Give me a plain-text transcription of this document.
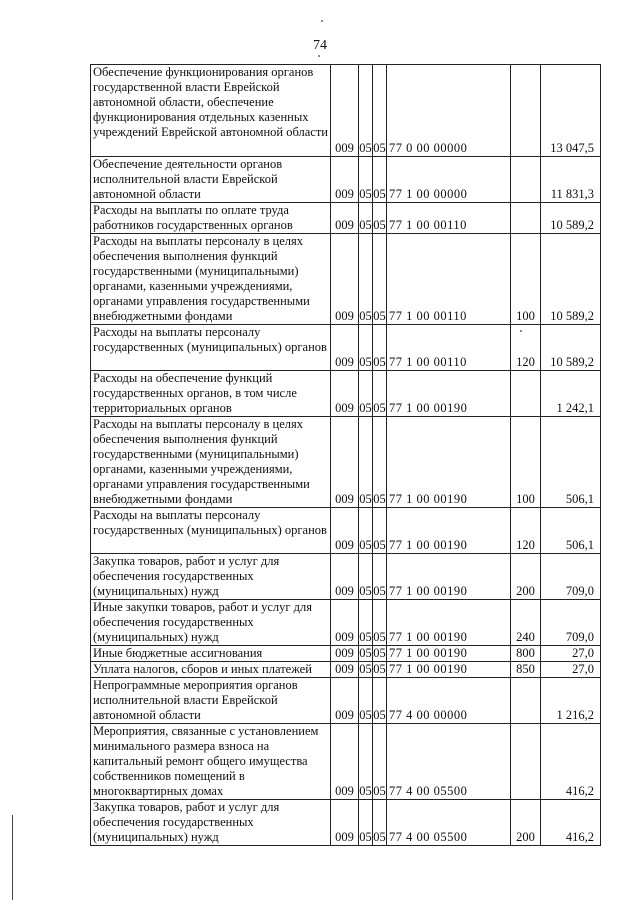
74
Обеспечение функционирования органов государственной власти Еврейской автономной области, обеспечение функционирования отдельных казенных учреждений Еврейской автономной области	009	05	05	77 0 00 00000		13 047,5
Обеспечение деятельности органов исполнительной власти Еврейской автономной области	009	05	05	77 1 00 00000		11 831,3
Расходы на выплаты по оплате труда работников государственных органов	009	05	05	77 1 00 00110		10 589,2
Расходы на выплаты персоналу в целях обеспечения выполнения функций государственными (муниципальными) органами, казенными учреждениями, органами управления государственными внебюджетными фондами	009	05	05	77 1 00 00110	100	10 589,2
Расходы на выплаты персоналу государственных (муниципальных) органов	009	05	05	77 1 00 00110	120	10 589,2
Расходы на обеспечение функций государственных органов, в том числе территориальных органов	009	05	05	77 1 00 00190		1 242,1
Расходы на выплаты персоналу в целях обеспечения выполнения функций государственными (муниципальными) органами, казенными учреждениями, органами управления государственными внебюджетными фондами	009	05	05	77 1 00 00190	100	506,1
Расходы на выплаты персоналу государственных (муниципальных) органов	009	05	05	77 1 00 00190	120	506,1
Закупка товаров, работ и услуг для обеспечения государственных (муниципальных) нужд	009	05	05	77 1 00 00190	200	709,0
Иные закупки товаров, работ и услуг для обеспечения государственных (муниципальных) нужд	009	05	05	77 1 00 00190	240	709,0
Иные бюджетные ассигнования	009	05	05	77 1 00 00190	800	27,0
Уплата налогов, сборов и иных платежей	009	05	05	77 1 00 00190	850	27,0
Непрограммные мероприятия органов исполнительной власти Еврейской автономной области	009	05	05	77 4 00 00000		1 216,2
Мероприятия, связанные с установлением минимального размера взноса на капитальный ремонт общего имущества собственников помещений в многоквартирных домах	009	05	05	77 4 00 05500		416,2
Закупка товаров, работ и услуг для обеспечения государственных (муниципальных) нужд	009	05	05	77 4 00 05500	200	416,2
